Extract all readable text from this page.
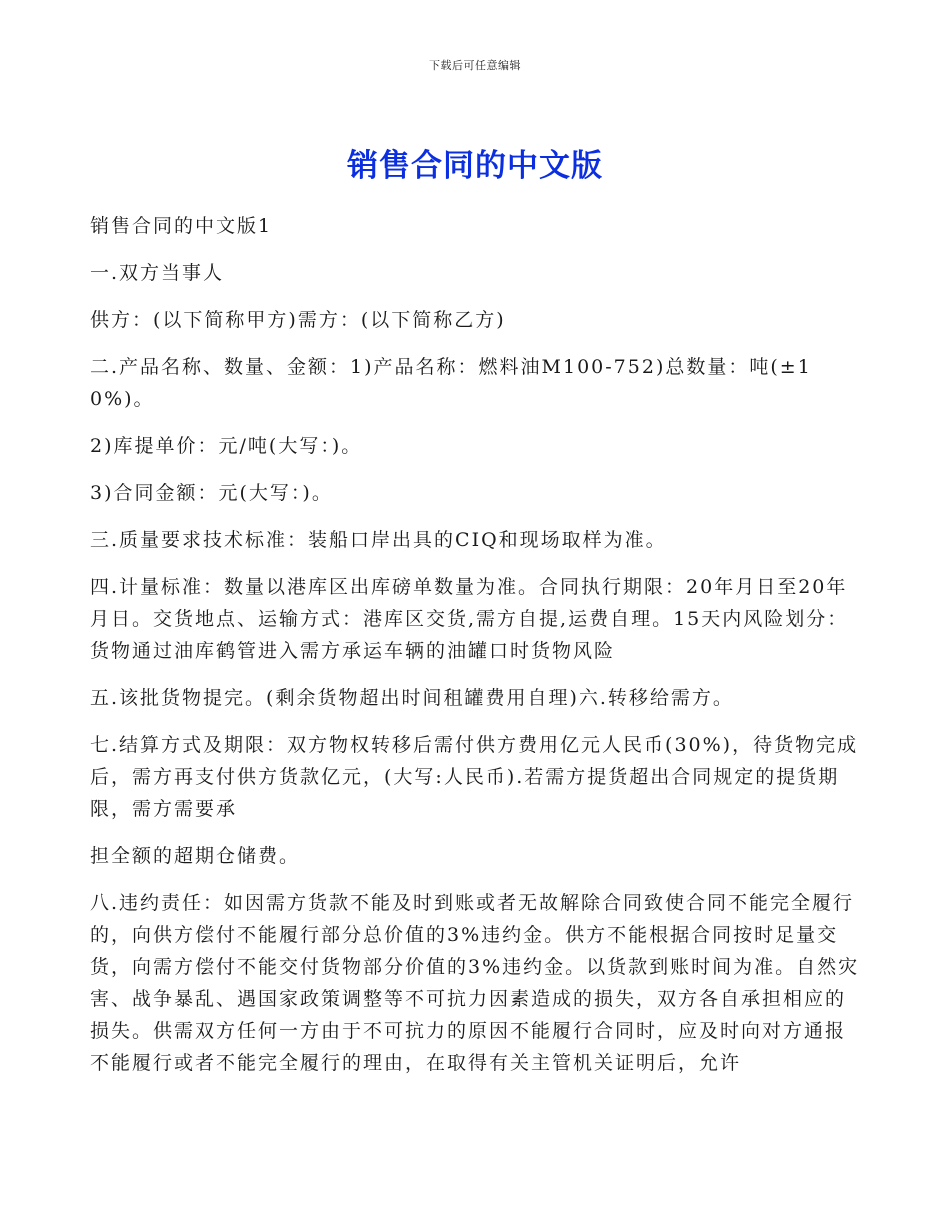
下载后可任意编辑
销售合同的中文版

销售合同的中文版1

一.双方当事人

供方：(以下简称甲方)需方：(以下简称乙方)

二.产品名称、数量、金额：1)产品名称：燃料油M100-752)总数量：吨(±10%)。

2)库提单价：元/吨(大写：)。

3)合同金额：元(大写：)。

三.质量要求技术标准：装船口岸出具的CIQ和现场取样为准。

四.计量标准：数量以港库区出库磅单数量为准。合同执行期限：20年月日至20年月日。交货地点、运输方式：港库区交货,需方自提,运费自理。15天内风险划分：货物通过油库鹤管进入需方承运车辆的油罐口时货物风险

五.该批货物提完。(剩余货物超出时间租罐费用自理)六.转移给需方。

七.结算方式及期限：双方物权转移后需付供方费用亿元人民币(30%)，待货物完成后，需方再支付供方货款亿元，(大写:人民币).若需方提货超出合同规定的提货期限，需方需要承

担全额的超期仓储费。

八.违约责任：如因需方货款不能及时到账或者无故解除合同致使合同不能完全履行的，向供方偿付不能履行部分总价值的3%违约金。供方不能根据合同按时足量交货，向需方偿付不能交付货物部分价值的3%违约金。以货款到账时间为准。自然灾害、战争暴乱、遇国家政策调整等不可抗力因素造成的损失，双方各自承担相应的损失。供需双方任何一方由于不可抗力的原因不能履行合同时，应及时向对方通报不能履行或者不能完全履行的理由，在取得有关主管机关证明后，允许
